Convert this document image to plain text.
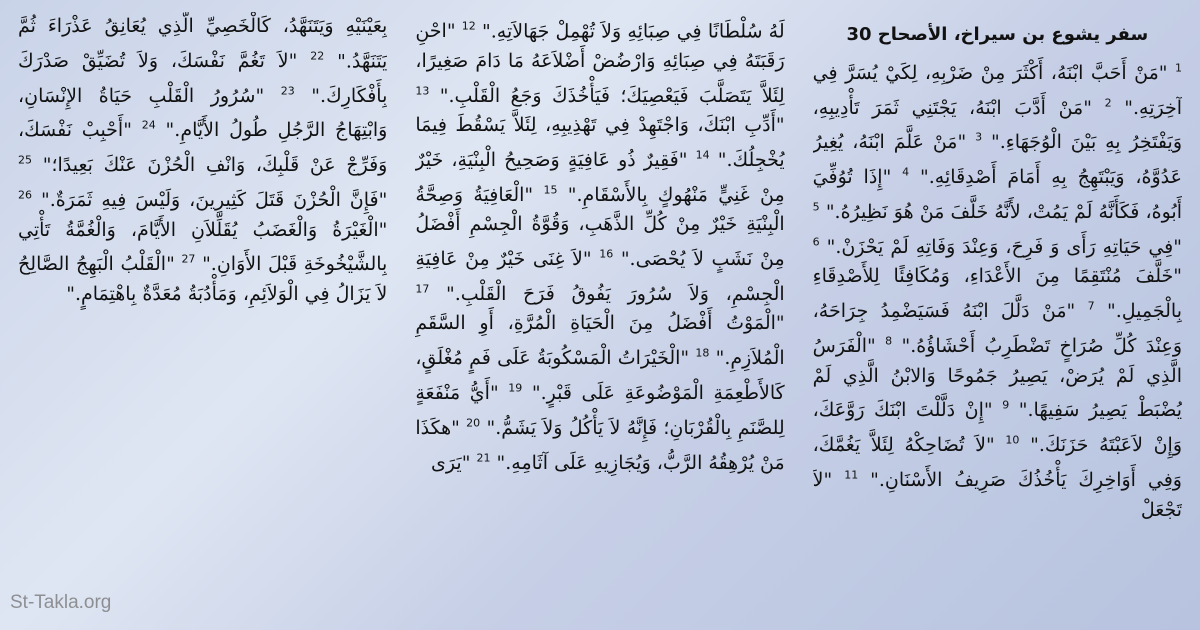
سفر يشوع بن سيراخ، الأصحاح 30
$^1$ "مَنْ أَحَبَّ ابْنَهُ، أَكْثَرَ مِنْ ضَرْبِهِ، لِكَيْ يُسَرَّ فِي آخِرَتِهِ." $^2$ "مَنْ أَدَّبَ ابْنَهُ، يَجْتَنِي ثَمَرَ تَأْدِيبِهِ، وَيَفْتَخِرُ بِهِ بَيْنَ الْوُجَهَاءِ." $^3$ "مَنْ عَلَّمَ ابْنَهُ، يُغِيرُ عَدُوَّهُ، وَيَبْتَهِجُ بِهِ أَمَامَ أَصْدِقَائِهِ." $^4$ "إِذَا تُوُفِّيَ أَبُوهُ، فَكَأَنَّهُ لَمْ يَمُتْ، لأَنَّهُ خَلَّفَ مَنْ هُوَ نَظِيرُهُ." $^5$ "فِي حَيَاتِهِ رَأَى وَ فَرِحَ، وَعِنْدَ وَفَاتِهِ لَمْ يَحْزَنْ." $^6$ "خَلَّفَ مُنْتَقِمًا مِنَ الأَعْدَاءِ، وَمُكَافِئًا لِلأَصْدِقَاءِ بِالْجَمِيلِ." $^7$ "مَنْ دَلَّلَ ابْنَهُ فَسَيَضْمِدُ جِرَاحَهُ، وَعِنْدَ كُلِّ صُرَاخٍ تَضْطَرِبُ أَحْشَاؤُهُ." $^8$ "الْفَرَسُ الَّذِي لَمْ يُرَضْ، يَصِيرُ جَمُوحًا وَالابْنُ الَّذِي لَمْ يُضْبَطْ يَصِيرُ سَفِيهًا." $^9$ "إِنْ دَلَّلْتَ ابْنَكَ رَوَّعَكَ، وَإِنْ لاَعَبْتَهُ حَزَنَكَ." $^{10}$ "لاَ تُضَاحِكْهُ لِئَلاَّ يَغُمَّكَ، وَفِي أَوَاخِرِكَ يَأْخُذُكَ صَرِيفُ الأَسْنَانِ." $^{11}$ "لاَ تَجْعَلْ
لَهُ سُلْطَانًا فِي صِبَائِهِ وَلاَ تُهْمِلْ جَهَالاَتِهِ." $^{12}$ "احْنِ رَقَبَتَهُ فِي صِبَائِهِ وَارْضُضْ أَضْلاَعَهُ مَا دَامَ صَغِيرًا، لِئَلاَّ يَتَصَلَّبَ فَيَعْصِيَكَ؛ فَيَأْخُذَكَ وَجَعُ الْقَلْبِ." $^{13}$ "أَدِّبِ ابْنَكَ، وَاجْتَهِدْ فِي تَهْذِيبِهِ، لِئَلاَّ يَسْقُطَ فِيمَا يُخْجِلُكَ." $^{14}$ "فَقِيرٌ ذُو عَافِيَةٍ وَصَحِيحُ الْبِنْيَةِ، خَيْرٌ مِنْ غَنِيٍّ مَنْهُوكٍ بِالأَسْقَامِ." $^{15}$ "الْعَافِيَةُ وَصِحَّةُ الْبِنْيَةِ خَيْرٌ مِنْ كُلِّ الذَّهَبِ، وَقُوَّةُ الْجِسْمِ أَفْضَلُ مِنْ نَشَبٍ لاَ يُحْصَى." $^{16}$ "لاَ غِنَى خَيْرٌ مِنْ عَافِيَةِ الْجِسْمِ، وَلاَ سُرُورَ يَفُوقُ فَرَحَ الْقَلْبِ." $^{17}$ "الْمَوْتُ أَفْضَلُ مِنَ الْحَيَاةِ الْمُرَّةِ، أَوِ السَّقَمِ الْمُلاَزِمِ." $^{18}$ "الْخَيْرَاتُ الْمَسْكُوبَةُ عَلَى فَمٍ مُغْلَقٍ، كَالأَطْعِمَةِ الْمَوْضُوعَةِ عَلَى قَبْرٍ." $^{19}$ "أَيُّ مَنْفَعَةٍ لِلصَّنَمِ بِالْقُرْبَانِ؛ فَإِنَّهُ لاَ يَأْكُلُ وَلاَ يَشَمُّ." $^{20}$ "هكَذَا مَنْ يُرْهِقُهُ الرَّبُّ، وَيُجَازِيهِ عَلَى آثَامِهِ." $^{21}$ "يَرَى
بِعَيْنَيْهِ وَيَتَنَهَّدُ، كَالْخَصِيِّ الَّذِي يُعَانِقُ عَذْرَاءَ ثُمَّ يَتَنَهَّدُ." $^{22}$ "لاَ تَغُمَّ نَفْسَكَ، وَلاَ تُضَيِّقْ صَدْرَكَ بِأَفْكَارِكَ." $^{23}$ "سُرُورُ الْقَلْبِ حَيَاةُ الإِنْسَانِ، وَابْتِهَاجُ الرَّجُلِ طُولُ الأَيَّامِ." $^{24}$ "أَحْبِبْ نَفْسَكَ، وَفَرِّجْ عَنْ قَلْبِكَ، وَانْفِ الْحُزْنَ عَنْكَ بَعِيدًا؛" $^{25}$ "فَإِنَّ الْحُزْنَ قَتَلَ كَثِيرِينَ، وَلَيْسَ فِيهِ ثَمَرَةٌ." $^{26}$ "الْغَيْرَةُ وَالْغَضَبُ يُقَلِّلاَنِ الأَيَّامَ، وَالْغُمَّةُ تَأْتِي بِالشَّيْخُوخَةِ قَبْلَ الأَوَانِ." $^{27}$ "الْقَلْبُ الْبَهِجُ الصَّالِحُ لاَ يَزَالُ فِي الْوَلاَئِمِ، وَمَأْدُبَةُ مُعَدَّةٌ بِاهْتِمَامٍ."
St-Takla.org
